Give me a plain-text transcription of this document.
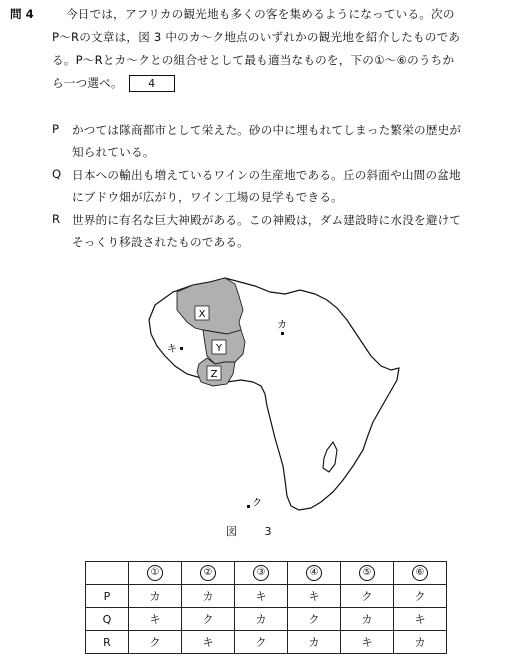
問 4	今日では，アフリカの観光地も多くの客を集めるようになっている。次の
P〜Rの文章は，図 3 中のカ〜ク地点のいずれかの観光地を紹介したものであ
る。P〜Rとカ〜クとの組合せとして最も適当なものを，下の①〜⑥のうちか
ら一つ選べ。 4
P かつては隊商都市として栄えた。砂の中に埋もれてしまった繁栄の歴史が
知られている。
Q 日本への輸出も増えているワインの生産地である。丘の斜面や山間の盆地
にブドウ畑が広がり，ワイン工場の見学もできる。
R 世界的に有名な巨大神殿がある。この神殿は，ダム建設時に水没を避けて
そっくり移設されたものである。
X
Y
Z
カ
キ
ク
図 3
	①	②	③	④	⑤	⑥
P	カ	カ	キ	キ	ク	ク
Q	キ	ク	カ	ク	カ	キ
R	ク	キ	ク	カ	キ	カ
